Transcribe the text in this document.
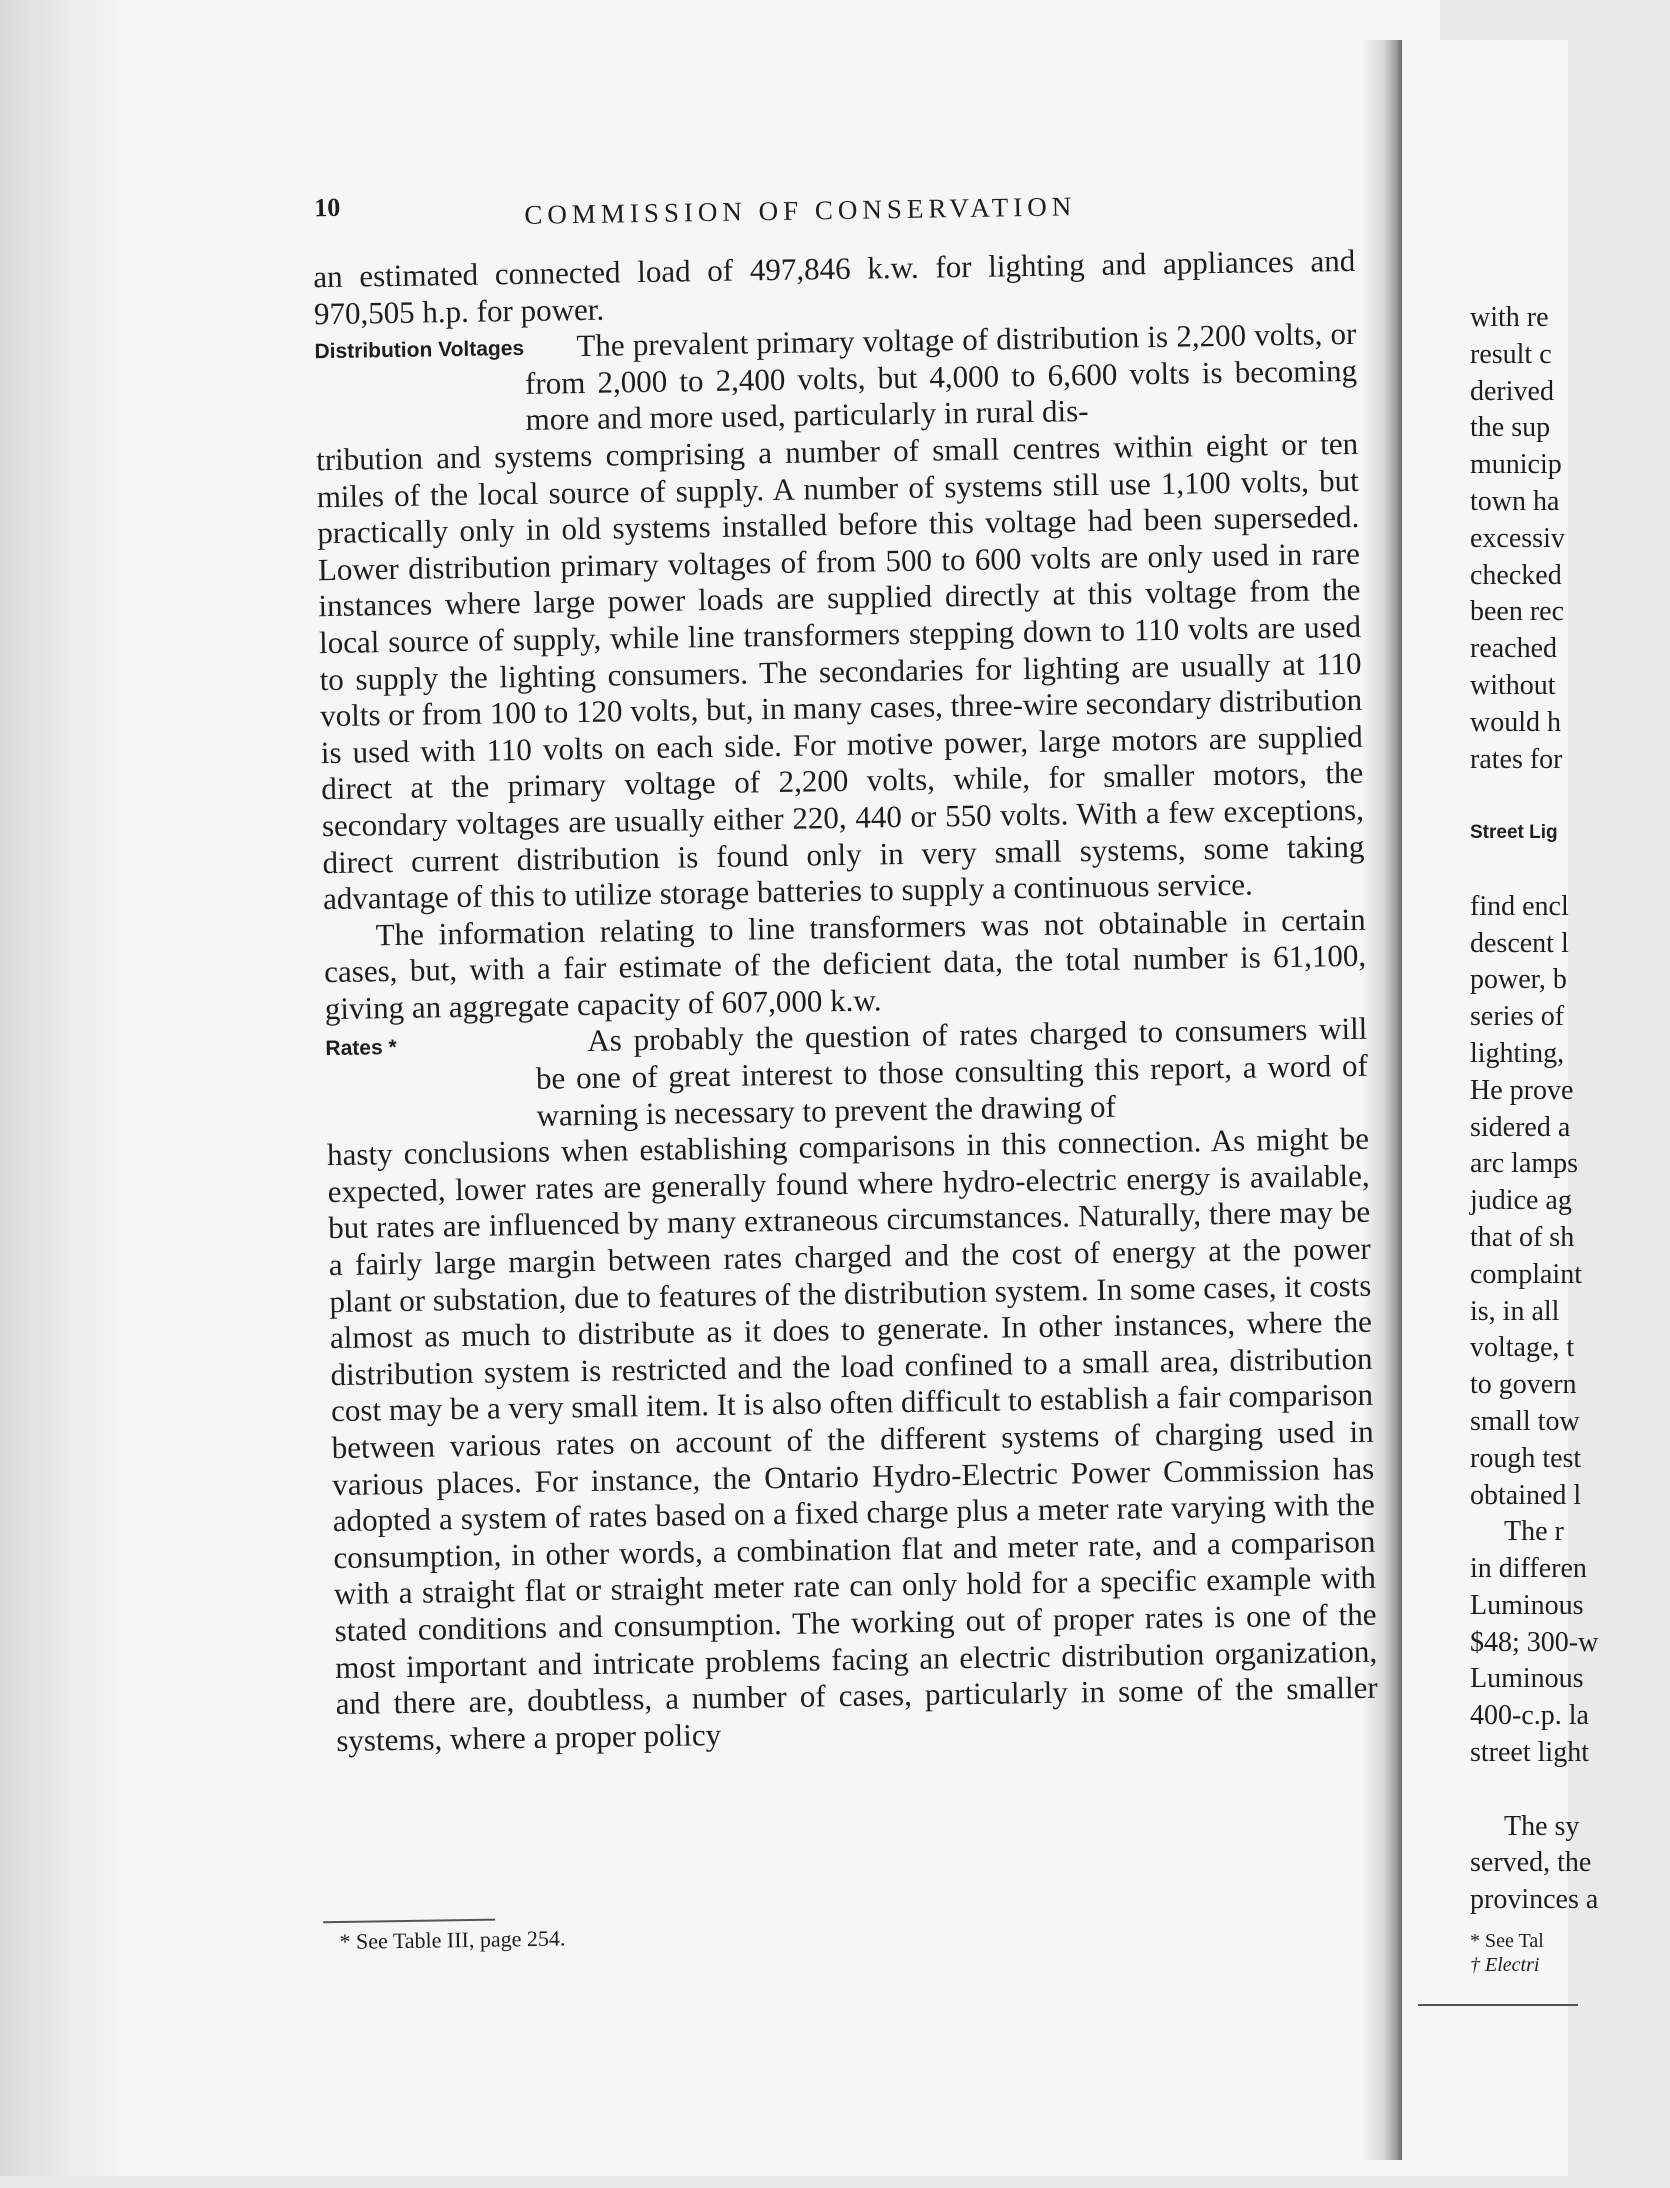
10	COMMISSION OF CONSERVATION

an estimated connected load of 497,846 k.w. for lighting and appliances and 970,505 h.p. for power.

Distribution Voltages	The prevalent primary voltage of distribution is 2,200 volts, or from 2,000 to 2,400 volts, but 4,000 to 6,600 volts is becoming more and more used, particularly in rural dis-

tribution and systems comprising a number of small centres within eight or ten miles of the local source of supply. A number of systems still use 1,100 volts, but practically only in old systems installed before this voltage had been superseded. Lower distribution primary voltages of from 500 to 600 volts are only used in rare instances where large power loads are supplied directly at this voltage from the local source of supply, while line transformers stepping down to 110 volts are used to supply the lighting consumers. The secondaries for lighting are usually at 110 volts or from 100 to 120 volts, but, in many cases, three-wire secondary distribution is used with 110 volts on each side. For motive power, large motors are supplied direct at the primary voltage of 2,200 volts, while, for smaller motors, the secondary voltages are usually either 220, 440 or 550 volts. With a few exceptions, direct current distribution is found only in very small systems, some taking advantage of this to utilize storage batteries to supply a continuous service.

The information relating to line transformers was not obtainable in certain cases, but, with a fair estimate of the deficient data, the total number is 61,100, giving an aggregate capacity of 607,000 k.w.

Rates *	As probably the question of rates charged to consumers will be one of great interest to those consulting this report, a word of warning is necessary to prevent the drawing of

hasty conclusions when establishing comparisons in this connection. As might be expected, lower rates are generally found where hydro-electric energy is available, but rates are influenced by many extraneous circumstances. Naturally, there may be a fairly large margin between rates charged and the cost of energy at the power plant or substation, due to features of the distribution system. In some cases, it costs almost as much to distribute as it does to generate. In other instances, where the distribution system is restricted and the load confined to a small area, distribution cost may be a very small item. It is also often difficult to establish a fair comparison between various rates on account of the different systems of charging used in various places. For instance, the Ontario Hydro-Electric Power Commission has adopted a system of rates based on a fixed charge plus a meter rate varying with the consumption, in other words, a combination flat and meter rate, and a comparison with a straight flat or straight meter rate can only hold for a specific example with stated conditions and consumption. The working out of proper rates is one of the most important and intricate problems facing an electric distribution organization, and there are, doubtless, a number of cases, particularly in some of the smaller systems, where a proper policy

* See Table III, page 254.
with re
result c
derived
the sup
municip
town ha
excessiv
checked
been rec
reached
without
would h
rates for
Street Lig
find encl
descent l
power, b
series of
lighting,
He prove
sidered a
arc lamps
judice ag
that of sh
complaint
is, in all
voltage, t
to govern
small tow
rough test
obtained l
The r
in differen
Luminous
$48; 300-w
Luminous
400-c.p. la
street light
The sy
served, the
provinces a
* See Tal
† Electri
